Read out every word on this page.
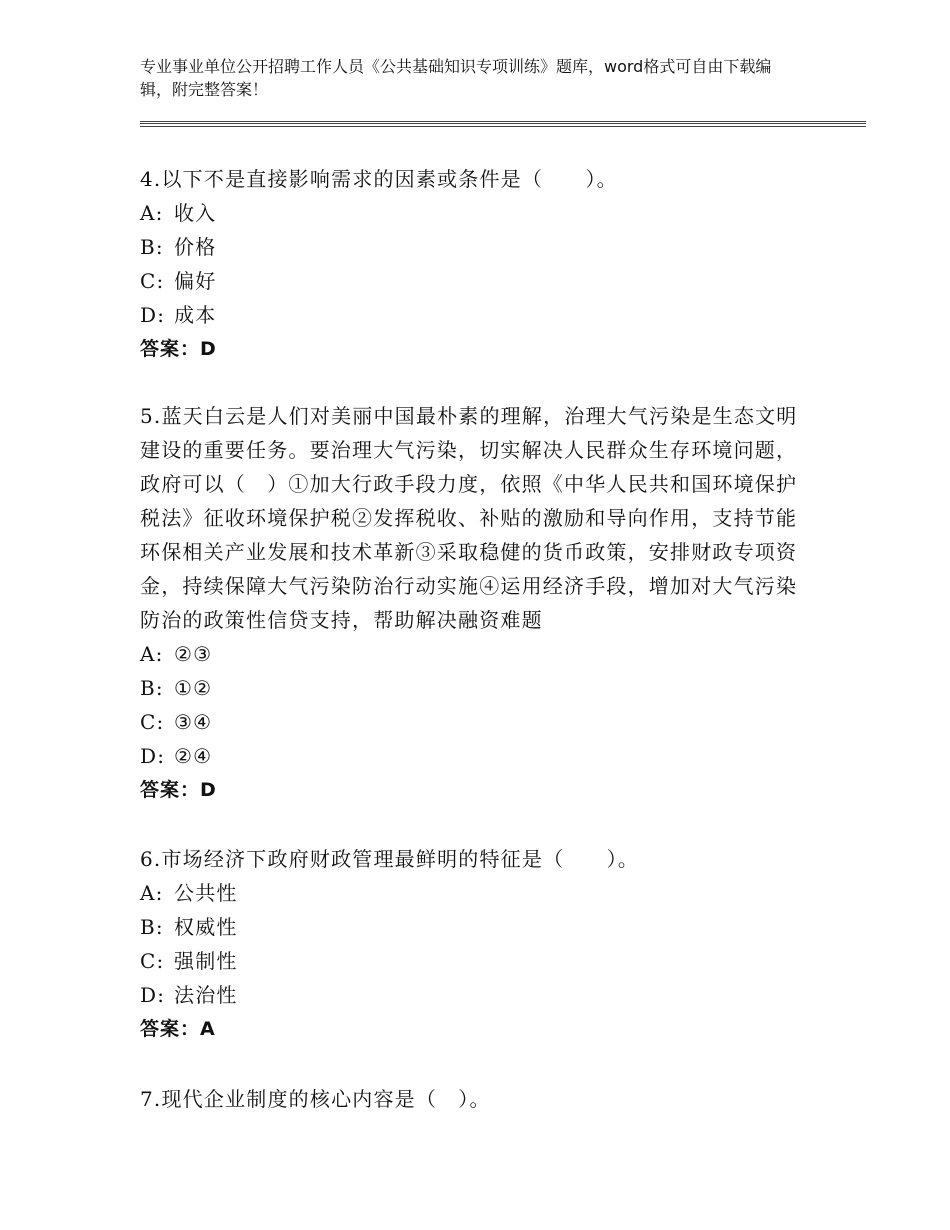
专业事业单位公开招聘工作人员《公共基础知识专项训练》题库，word格式可自由下载编辑，附完整答案！

4.以下不是直接影响需求的因素或条件是（　　）。

A: 收入

B: 价格

C: 偏好

D: 成本

答案：D

5.蓝天白云是人们对美丽中国最朴素的理解，治理大气污染是生态文明建设的重要任务。要治理大气污染，切实解决人民群众生存环境问题，政府可以（　）①加大行政手段力度，依照《中华人民共和国环境保护税法》征收环境保护税②发挥税收、补贴的激励和导向作用，支持节能环保相关产业发展和技术革新③采取稳健的货币政策，安排财政专项资金，持续保障大气污染防治行动实施④运用经济手段，增加对大气污染防治的政策性信贷支持，帮助解决融资难题

A: ②③

B: ①②

C: ③④

D: ②④

答案：D

6.市场经济下政府财政管理最鲜明的特征是（　　）。

A: 公共性

B: 权威性

C: 强制性

D: 法治性

答案：A

7.现代企业制度的核心内容是（　）。
